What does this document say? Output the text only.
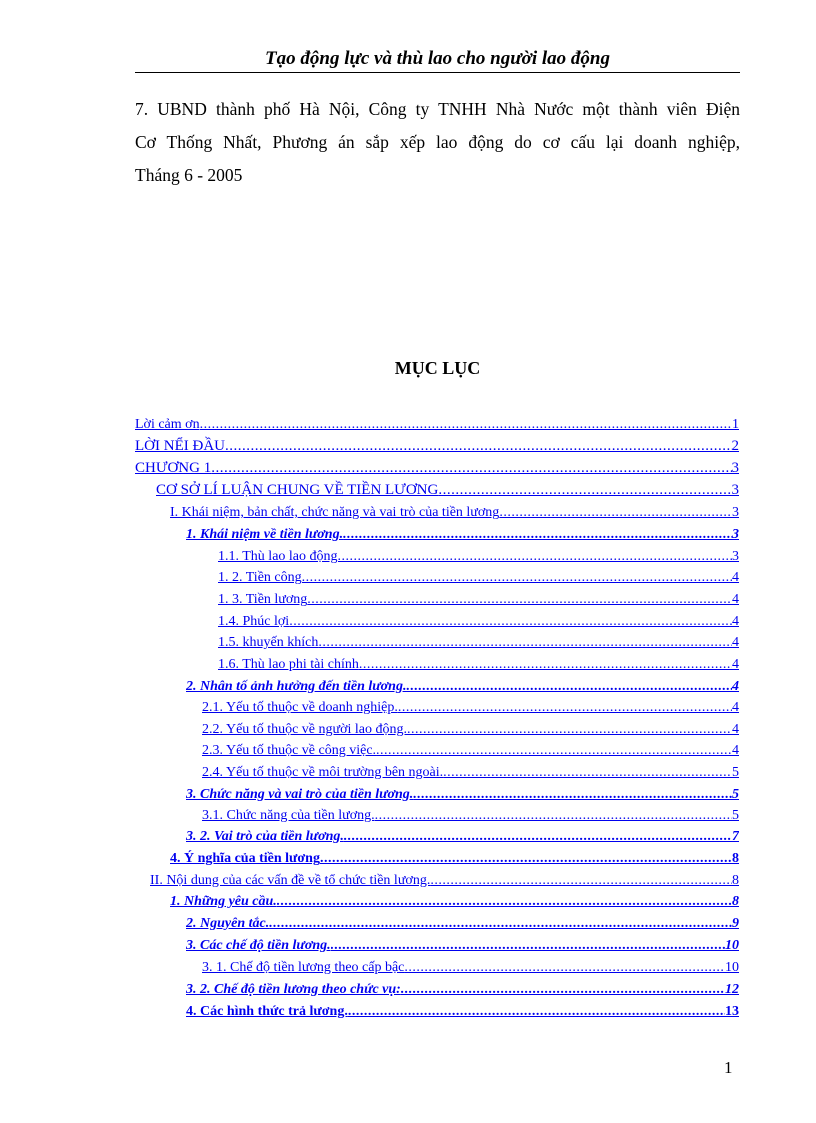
Tạo động lực và thù lao cho người lao động
7. UBND thành phố Hà Nội, Công ty TNHH Nhà Nước một thành viên Điện
Cơ Thống Nhất, Phương án sắp xếp lao động do cơ cấu lại doanh nghiệp,
Tháng 6 - 2005
MỤC LỤC
Lời cảm ơn .....	1
LỜI NỂI ĐẦU .....	2
CHƯƠNG 1 .....	3
CƠ SỞ LÍ LUẬN CHUNG VỀ TIỀN LƯƠNG .....	3
I. Khái niệm, bản chất, chức năng và vai trò của tiền lương .....	3
1. Khái niệm về tiền lương. .....	3
1.1. Thù lao lao động .....	3
1. 2. Tiền công .....	4
1. 3. Tiền lương .....	4
1.4. Phúc lợi .....	4
1.5. khuyến khích .....	4
1.6. Thù lao phi tài chính .....	4
2. Nhân tố ảnh hưởng đến tiền lương. .....	4
2.1. Yếu tố thuộc về doanh nghiệp. .....	4
2.2. Yếu tố thuộc về người lao động. .....	4
2.3. Yếu tố thuộc về công việc. .....	4
2.4. Yếu tố thuộc về môi trường bên ngoài. .....	5
3. Chức năng và vai trò của tiền lương. .....	5
3.1. Chức năng của tiền lương. .....	5
3. 2. Vai trò của tiền lương. .....	7
4. Ý nghĩa của tiền lương .....	8
II. Nội dung của các vấn đề về tổ chức tiền lương. .....	8
1. Những yêu cầu. .....	8
2. Nguyên tắc. .....	9
3. Các chế độ tiền lương. .....	10
3. 1. Chế độ tiền lương theo cấp bậc .....	10
3. 2. Chế độ tiền lương theo chức vụ: .....	12
4. Các hình thức trả lương. .....	13
1
